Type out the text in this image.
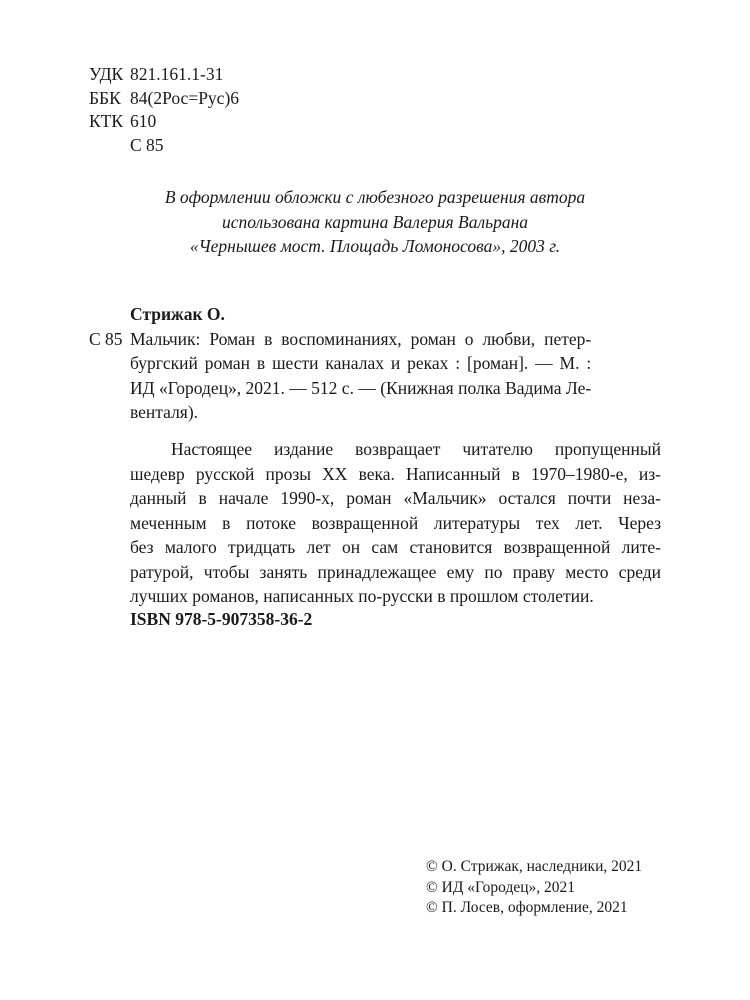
УДК 821.161.1-31
ББК 84(2Рос=Рус)6
КТК 610
С 85
В оформлении обложки с любезного разрешения автора
использована картина Валерия Вальрана
«Чернышев мост. Площадь Ломоносова», 2003 г.
Стрижак О.
С 85 Мальчик: Роман в воспоминаниях, роман о любви, петер-
бургский роман в шести каналах и реках : [роман]. — М. :
ИД «Городец», 2021. — 512 с. — (Книжная полка Вадима Ле-
венталя).
Настоящее издание возвращает читателю пропущенный
шедевр русской прозы XX века. Написанный в 1970–1980-е, из-
данный в начале 1990-х, роман «Мальчик» остался почти неза-
меченным в потоке возвращенной литературы тех лет. Через
без малого тридцать лет он сам становится возвращенной лите-
ратурой, чтобы занять принадлежащее ему по праву место среди
лучших романов, написанных по-русски в прошлом столетии.
ISBN 978-5-907358-36-2
© О. Стрижак, наследники, 2021
© ИД «Городец», 2021
© П. Лосев, оформление, 2021
